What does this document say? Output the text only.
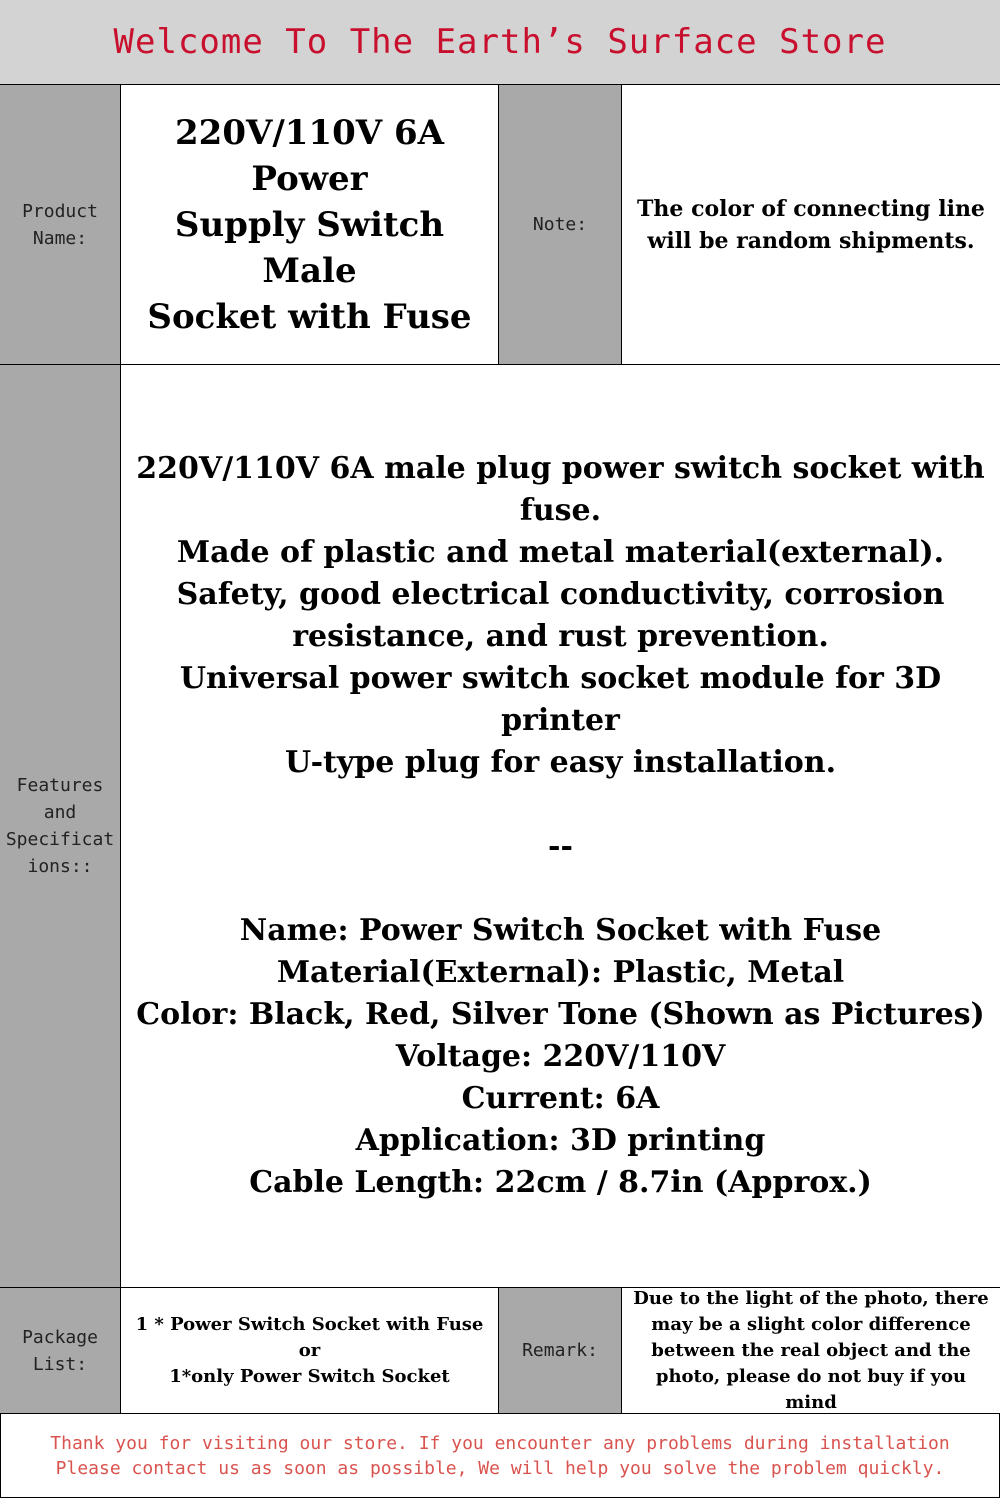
Welcome To The Earth’s Surface Store
Product
Name:
220V/110V 6A Power
Supply Switch Male
Socket with Fuse
Note:
The color of connecting line will be random shipments.
Features
and
Specificat
ions::

220V/110V 6A male plug power switch socket with fuse.

Made of plastic and metal material(external).

Safety, good electrical conductivity, corrosion

resistance, and rust prevention.

Universal power switch socket module for 3D printer

U-type plug for easy installation.

--

Name: Power Switch Socket with Fuse

Material(External): Plastic, Metal

Color: Black, Red, Silver Tone (Shown as Pictures)

Voltage: 220V/110V

Current: 6A

Application: 3D printing

Cable Length: 22cm / 8.7in (Approx.)

Package
List:

1 * Power Switch Socket with Fuse

or

1*only Power Switch Socket

Remark:
Due to the light of the photo, there may be a slight color difference between the real object and the photo, please do not buy if you mind

Thank you for visiting our store. If you encounter any problems during installation

Please contact us as soon as possible, We will help you solve the problem quickly.
